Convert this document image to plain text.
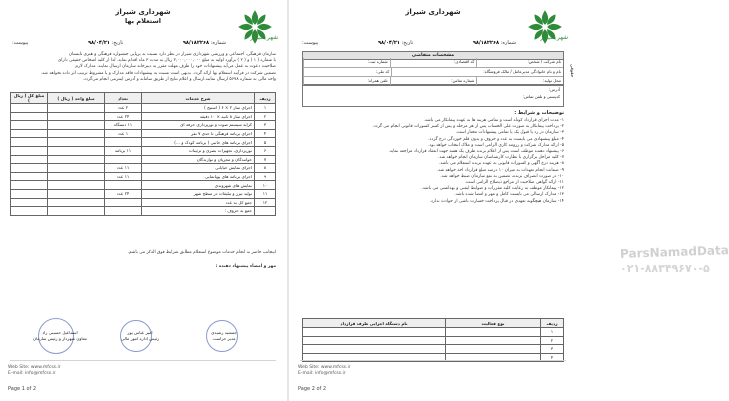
شهر شیراز
شهرداری شیراز
استعلام بها
شماره: ۹۸/۱۸۲۲۶۸
تاریخ: ۹۸/۰۴/۲۱
پیوست:
سازمان فرهنگی، اجتماعی و ورزشی شهرداری شیراز در نظر دارد نسبت به برپایی جشنواره فرهنگی و هنری تابستان
با شماره ( ۱ ) و ( ۲ ) برآورد اولیه به مبلغ ۲,۰۰۰,۰۰۰,۰۰۰ ریال به مدت ۳ ماه اقدام نماید. لذا از کلیه اشخاص حقیقی دارای
صلاحیت دعوت به عمل می‌آید پیشنهادات خود را ظرف مهلت مقرر به دبیرخانه سازمان ارسال نمایند. مدارک لازم
تضمین شرکت در فرآیند استعلام بها ارائه گردد. بدیهی است نسبت به پیشنهادات فاقد مدارک و یا مشروط ترتیب اثر داده نخواهد شد.
واحد مالی به شماره ۵۶۷۸ ارسال نمایند.ارسال و اعلام نتایج از طریق سامانه و آدرس اینترنتی انجام می‌گردد.
ردیف	شرح خدمات	تعداد	مبلغ واحد ( ریال )	مبلغ کل ( ریال )
۱	اجرای ساز ۲ × ۶ ( استیج )	۲ عدد		
۲	اجرای ساز ۸ ثانیه × ۱۰ دقیقه	۲۴ عدد		
۳	کرایه سیستم صوت و نورپردازی حرفه ای	۱۱ دستگاه		
۴	اجرای برنامه فرهنگی تا حدی ۷ نفر	۱ عدد		
۵	اجرای برنامه های جانبی ( برنامه کودک و …)			
۶	نورپردازی، تجهیزات بصری و تزئینات	۱۱ برنامه		
۷	خوانندگان و مجریان و نوازندگان			
۸	اجرای نمایش خیابانی	۱۱ عدد		
۹	اجرای برنامه های پویانمایی	۱۱ عدد		
۱۰	نمایش های شهروندی			
۱۱	تولید تیزر و تبلیغات در سطح شهر	۲۴ عدد		
۱۲	جمع کل به عدد			
	جمع به حروف :			
اینجانب حاضر به انجام خدمات موضوع استعلام مطابق شرایط فوق الذکر می باشم.
مهر و امضاء پیشنهاد دهنده :
اسماعیل حسینی راد
معاون شهردار و رئیس سازمان
امیر عباس پور
رئیس اداره امور مالی
جمشید رشیدی
مدیر حراست
Web Site: www.mfcss.ir
E-mail: info@mfcss.ir
Page 1 of 2
شهر شیراز
شهرداری شیراز
شماره: ۹۸/۱۸۲۲۶۸
تاریخ: ۹۸/۰۴/۲۱
پیوست:
مشخصات متقاضی
حقوقی
نام شرکت / شخص:
کد اقتصادی:
شماره ثبت:
نام و نام خانوادگی مدیرعامل / مالک فروشگاه:
کد ملی:
محل تولید:
شماره تماس:
تلفن همراه:
آدرس:
کدپستی و تلفن تماس:
توضیحات و شرایط :
۱- مدت اجرای قرارداد کوتاه است و تمامی هزینه ها به عهده پیمانکار می باشد.
۲- پرداخت پیمانکار به صورت علی الحساب پس از هر مرحله و پس از کسر کسورات قانونی انجام می گردد.
۳- سازمان در رد یا قبول یک یا تمامی پیشنهادات مختار است.
۴- مبلغ پیشنهادی می بایست به عدد و حروف و بدون قلم خوردگی درج گردد.
۵- ارائه مدارک شرکت و رزومه کاری الزامی است و ملاک انتخاب خواهد بود.
۶- پیشنهاد دهنده موظف است پس از اعلام برنده ظرف یک هفته جهت انعقاد قرارداد مراجعه نماید.
۷- کلیه مراحل برگزاری با نظارت کارشناسان سازمان انجام خواهد شد.
۸- هزینه درج آگهی و کسورات قانونی به عهده برنده استعلام می باشد.
۹- ضمانت انجام تعهدات به میزان ۱۰ درصد مبلغ قرارداد اخذ خواهد شد.
۱۰- در صورت انصراف برنده، تضمین به نفع سازمان ضبط خواهد شد.
۱۱- ارائه گواهی صلاحیت از مراجع ذیصلاح الزامی است.
۱۲- پیمانکار موظف به رعایت کلیه مقررات و ضوابط ایمنی و بهداشتی می باشد.
۱۳- مدارک ارسالی می بایست کامل و مهر و امضا شده باشد.
۱۴- سازمان هیچگونه تعهدی در قبال پرداخت خسارت ناشی از حوادث ندارد.
ParsNamadData
۰۲۱-۸۸۳۴۹۶۷۰-۵
ردیف	نوع فعالیت	نام دستگاه اجرایی طرف قرارداد
۱		
۲		
۳		
۴		
Web Site: www.mfcss.ir
E-mail: info@mfcss.ir
Page 2 of 2
